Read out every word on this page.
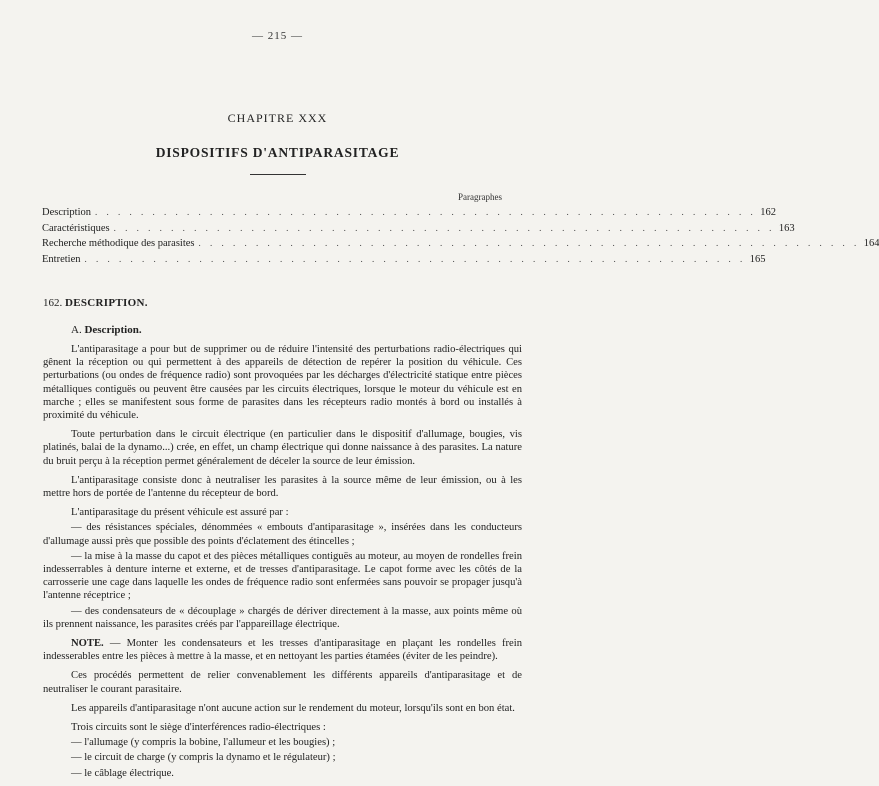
— 215 —
CHAPITRE XXX
DISPOSITIFS D'ANTIPARASITAGE
Paragraphes
Description . . . . . . . . . . . . . . . . . . . . . . . . . . . . . . . . . . . . . . . . . . . . . . . . . . . . . . . . . . 162
Caractéristiques . . . . . . . . . . . . . . . . . . . . . . . . . . . . . . . . . . . . . . . . . . . . . . . . . . . . . . . . . . 163
Recherche méthodique des parasites . . . . . . . . . . . . . . . . . . . . . . . . . . . . . . . . . . . . . . . . . . . . . . . . . . . . . . . . . . 164
Entretien . . . . . . . . . . . . . . . . . . . . . . . . . . . . . . . . . . . . . . . . . . . . . . . . . . . . . . . . . . 165
162. DESCRIPTION.
A. Description.

L'antiparasitage a pour but de supprimer ou de réduire l'intensité des perturbations radio-électriques qui gênent la réception ou qui permettent à des appareils de détection de repérer la position du véhicule. Ces perturbations (ou ondes de fréquence radio) sont provoquées par les décharges d'électricité statique entre pièces métalliques contiguës ou peuvent être causées par les circuits électriques, lorsque le moteur du véhicule est en marche ; elles se manifestent sous forme de parasites dans les récepteurs radio montés à bord ou installés à proximité du véhicule.

Toute perturbation dans le circuit électrique (en particulier dans le dispositif d'allumage, bougies, vis platinés, balai de la dynamo...) crée, en effet, un champ électrique qui donne naissance à des parasites. La nature du bruit perçu à la réception permet généralement de déceler la source de leur émission.

L'antiparasitage consiste donc à neutraliser les parasites à la source même de leur émission, ou à les mettre hors de portée de l'antenne du récepteur de bord.

L'antiparasitage du présent véhicule est assuré par :

— des résistances spéciales, dénommées « embouts d'antiparasitage », insérées dans les conducteurs d'allumage aussi près que possible des points d'éclatement des étincelles ;

— la mise à la masse du capot et des pièces métalliques contiguës au moteur, au moyen de rondelles frein indesserrables à denture interne et externe, et de tresses d'antiparasitage. Le capot forme avec les côtés de la carrosserie une cage dans laquelle les ondes de fréquence radio sont enfermées sans pouvoir se propager jusqu'à l'antenne réceptrice ;

— des condensateurs de « découplage » chargés de dériver directement à la masse, aux points même où ils prennent naissance, les parasites créés par l'appareillage électrique.

NOTE. — Monter les condensateurs et les tresses d'antiparasitage en plaçant les rondelles frein indesserables entre les pièces à mettre à la masse, et en nettoyant les parties étamées (éviter de les peindre).

Ces procédés permettent de relier convenablement les différents appareils d'antiparasitage et de neutraliser le courant parasitaire.

Les appareils d'antiparasitage n'ont aucune action sur le rendement du moteur, lorsqu'ils sont en bon état.

Trois circuits sont le siège d'interférences radio-électriques :

— l'allumage (y compris la bobine, l'allumeur et les bougies) ;

— le circuit de charge (y compris la dynamo et le régulateur) ;

— le câblage électrique.
